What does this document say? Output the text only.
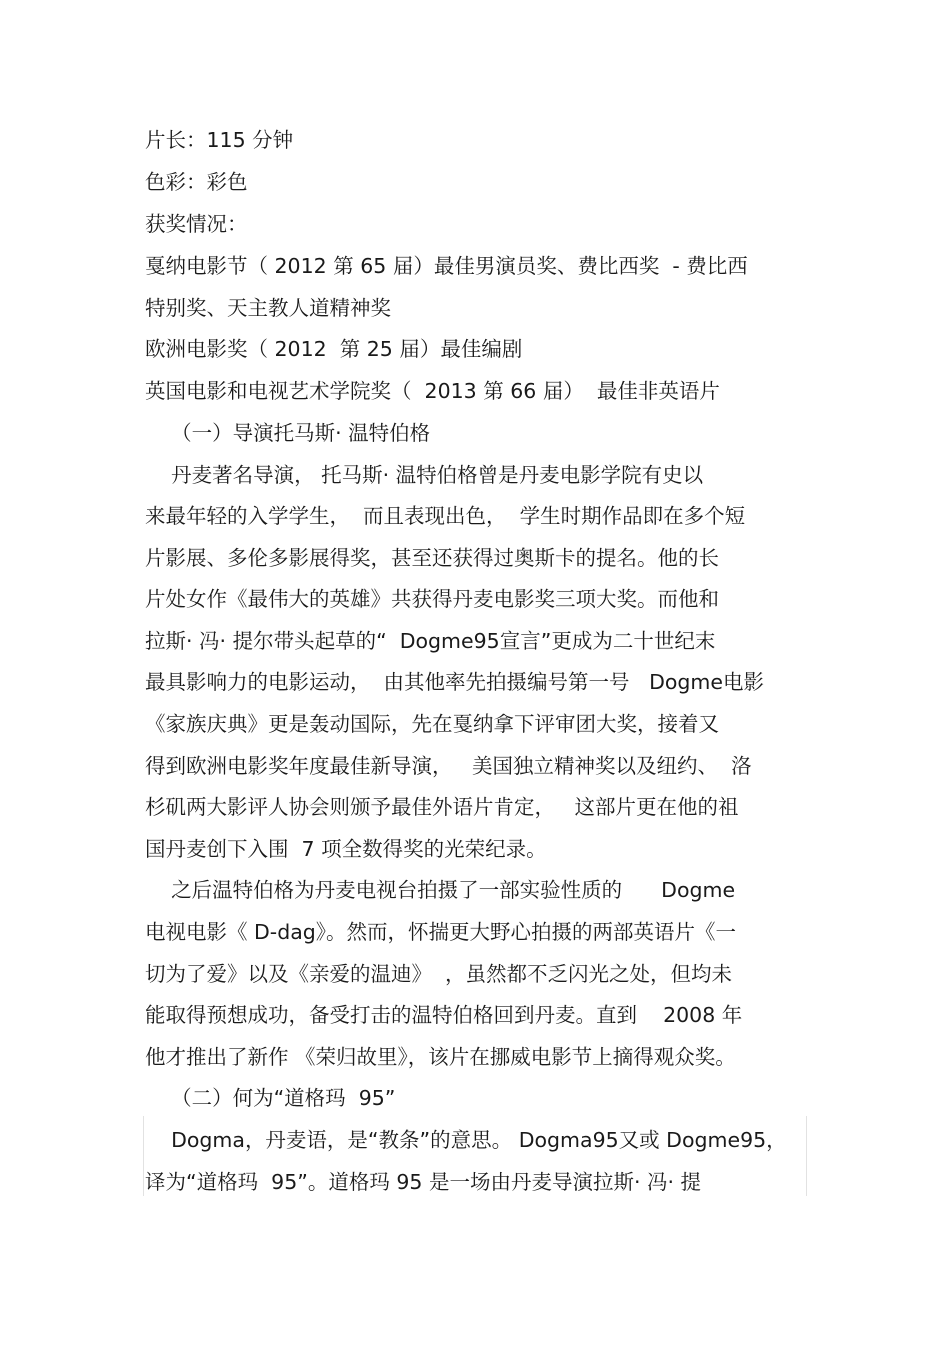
片长：115 分钟
色彩：彩色
获奖情况：
戛纳电影节（ 2012 第 65 届）最佳男演员奖、费比西奖  - 费比西
特别奖、天主教人道精神奖
欧洲电影奖（ 2012  第 25 届）最佳编剧
英国电影和电视艺术学院奖（  2013 第 66 届）  最佳非英语片
（一）导演托马斯· 温特伯格
丹麦著名导演， 托马斯· 温特伯格曾是丹麦电影学院有史以
来最年轻的入学学生，  而且表现出色，  学生时期作品即在多个短
片影展、多伦多影展得奖，甚至还获得过奥斯卡的提名。他的长
片处女作《最伟大的英雄》共获得丹麦电影奖三项大奖。而他和
拉斯· 冯· 提尔带头起草的“  Dogme95宣言”更成为二十世纪末
最具影响力的电影运动，  由其他率先拍摄编号第一号   Dogme电影
《家族庆典》更是轰动国际，先在戛纳拿下评审团大奖，接着又
得到欧洲电影奖年度最佳新导演，   美国独立精神奖以及纽约、  洛
杉矶两大影评人协会则颁予最佳外语片肯定，   这部片更在他的祖
国丹麦创下入围  7 项全数得奖的光荣纪录。
之后温特伯格为丹麦电视台拍摄了一部实验性质的      Dogme
电视电影《 D-dag》。然而，怀揣更大野心拍摄的两部英语片《一
切为了爱》以及《亲爱的温迪》  ，虽然都不乏闪光之处，但均未
能取得预想成功，备受打击的温特伯格回到丹麦。直到    2008 年
他才推出了新作 《荣归故里》，该片在挪威电影节上摘得观众奖。
（二）何为“道格玛  95”
Dogma，丹麦语，是“教条”的意思。 Dogma95又或 Dogme95，
译为“道格玛  95”。道格玛 95 是一场由丹麦导演拉斯· 冯· 提
